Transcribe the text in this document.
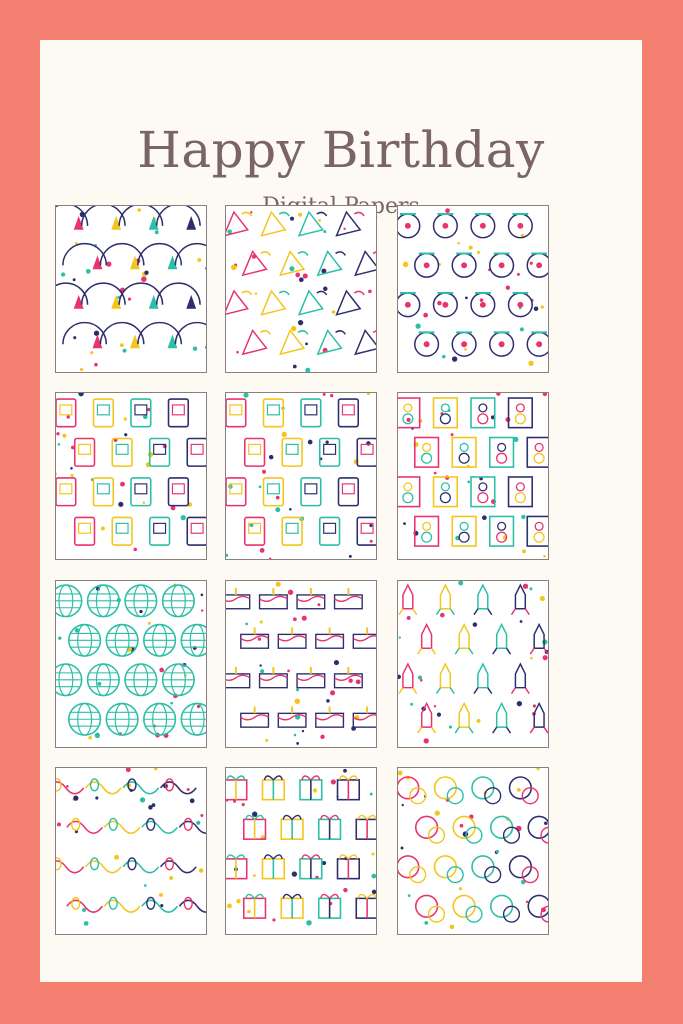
Happy Birthday
Papers
